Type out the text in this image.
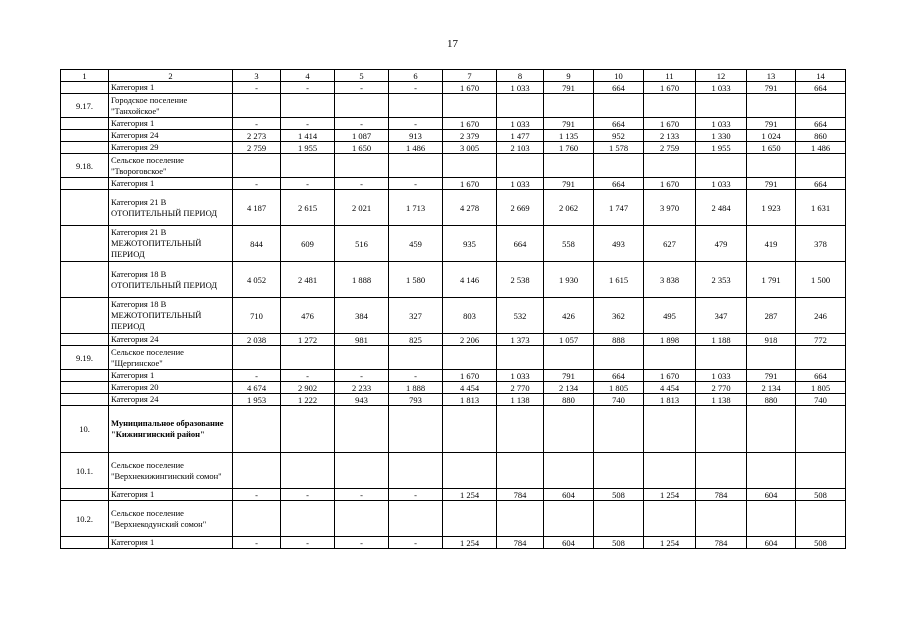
17
1	2	3	4	5	6	7	8	9	10	11	12	13	14
	Категория 1	-	-	-	-	1 670	1 033	791	664	1 670	1 033	791	664
9.17.	Городское поселение "Танхойское"												
	Категория 1	-	-	-	-	1 670	1 033	791	664	1 670	1 033	791	664
	Категория 24	2 273	1 414	1 087	913	2 379	1 477	1 135	952	2 133	1 330	1 024	860
	Категория 29	2 759	1 955	1 650	1 486	3 005	2 103	1 760	1 578	2 759	1 955	1 650	1 486
9.18.	Сельское поселение "Твороговское"												
	Категория 1	-	-	-	-	1 670	1 033	791	664	1 670	1 033	791	664
	Категория 21 В ОТОПИТЕЛЬНЫЙ ПЕРИОД	4 187	2 615	2 021	1 713	4 278	2 669	2 062	1 747	3 970	2 484	1 923	1 631
	Категория 21 В МЕЖОТОПИТЕЛЬНЫЙ ПЕРИОД	844	609	516	459	935	664	558	493	627	479	419	378
	Категория 18 В ОТОПИТЕЛЬНЫЙ ПЕРИОД	4 052	2 481	1 888	1 580	4 146	2 538	1 930	1 615	3 838	2 353	1 791	1 500
	Категория 18 В МЕЖОТОПИТЕЛЬНЫЙ ПЕРИОД	710	476	384	327	803	532	426	362	495	347	287	246
	Категория 24	2 038	1 272	981	825	2 206	1 373	1 057	888	1 898	1 188	918	772
9.19.	Сельское поселение "Щергинское"												
	Категория 1	-	-	-	-	1 670	1 033	791	664	1 670	1 033	791	664
	Категория 20	4 674	2 902	2 233	1 888	4 454	2 770	2 134	1 805	4 454	2 770	2 134	1 805
	Категория 24	1 953	1 222	943	793	1 813	1 138	880	740	1 813	1 138	880	740
10.	Муниципальное образование "Кижингинский район"												
10.1.	Сельское поселение "Верхнекижингинский сомон"												
	Категория 1	-	-	-	-	1 254	784	604	508	1 254	784	604	508
10.2.	Сельское поселение "Верхнекодунский сомон"												
	Категория 1	-	-	-	-	1 254	784	604	508	1 254	784	604	508
